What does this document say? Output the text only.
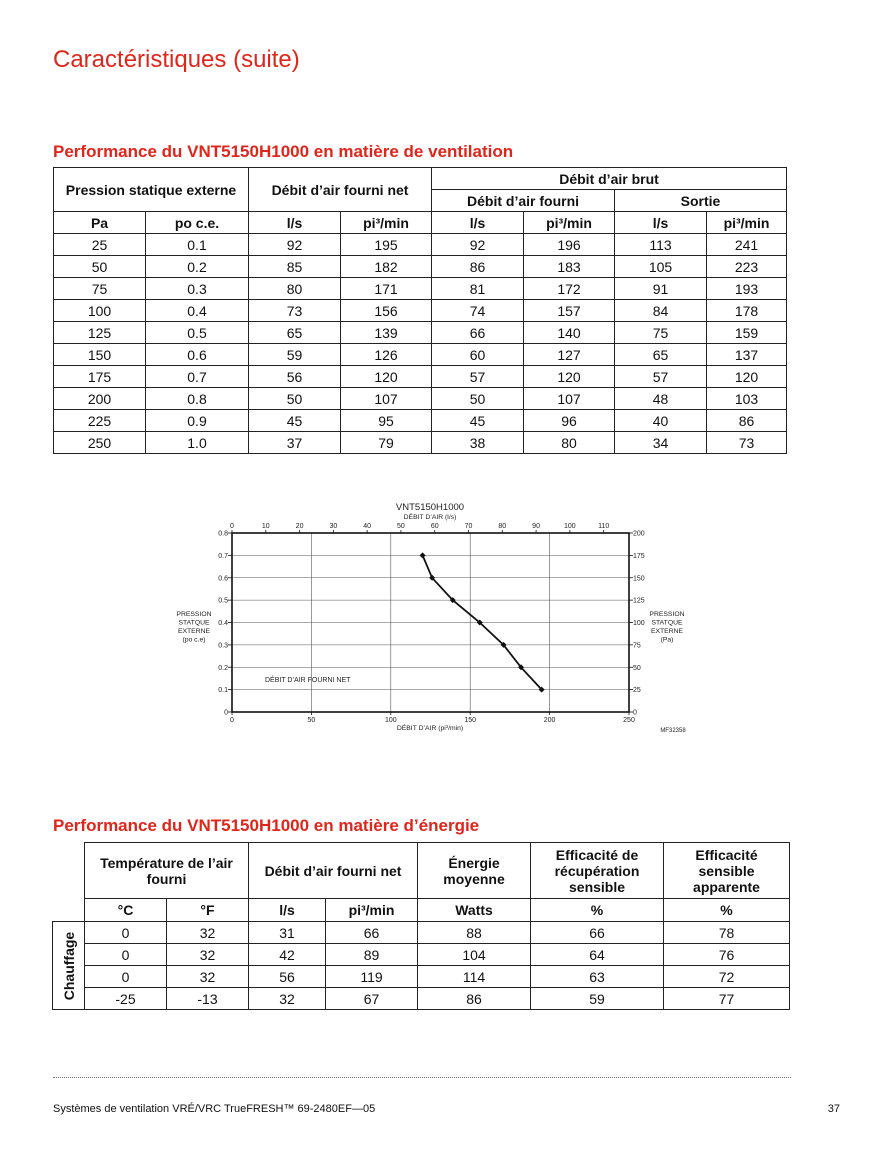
Caractéristiques (suite)
Performance du VNT5150H1000 en matière de ventilation
Pression statique externe		Débit d’air fourni net		Débit d’air brut			
				Débit d’air fourni		Sortie	
Pa	po c.e.	l/s	pi³/min	l/s	pi³/min	l/s	pi³/min
25	0.1	92	195	92	196	113	241
50	0.2	85	182	86	183	105	223
75	0.3	80	171	81	172	91	193
100	0.4	73	156	74	157	84	178
125	0.5	65	139	66	140	75	159
150	0.6	59	126	60	127	65	137
175	0.7	56	120	57	120	57	120
200	0.8	50	107	50	107	48	103
225	0.9	45	95	45	96	40	86
250	1.0	37	79	38	80	34	73
0
0.1
0.2
0.3
0.4
0.5
0.6
0.7
0.8
0
25
50
75
100
125
150
175
200
0	50	100	150	200	250
0	10	20	30	40	50	60	70	80	90	100	110
VNT5150H1000
DÉBIT D’AIR (l/s)
DÉBIT D’AIR (pi³/min)
PRESSION
STATQUE
EXTERNE
(po c.e)
PRESSION
STATQUE
EXTERNE
(Pa)
DÉBIT D’AIR FOURNI NET
MF32358
Performance du VNT5150H1000 en matière d’énergie
	Température de l’air fourni		Débit d’air fourni net		Énergie moyenne	Efficacité de récupération sensible	Efficacité sensible apparente
	°C	°F	l/s	pi³/min	Watts	%	%

Chauffage	0	32	31	66	88	66	78
	0	32	42	89	104	64	76
	0	32	56	119	114	63	72
	-25	-13	32	67	86	59	77
Systèmes de ventilation VRÉ/VRC TrueFRESH™ 69-2480EF—05	37
